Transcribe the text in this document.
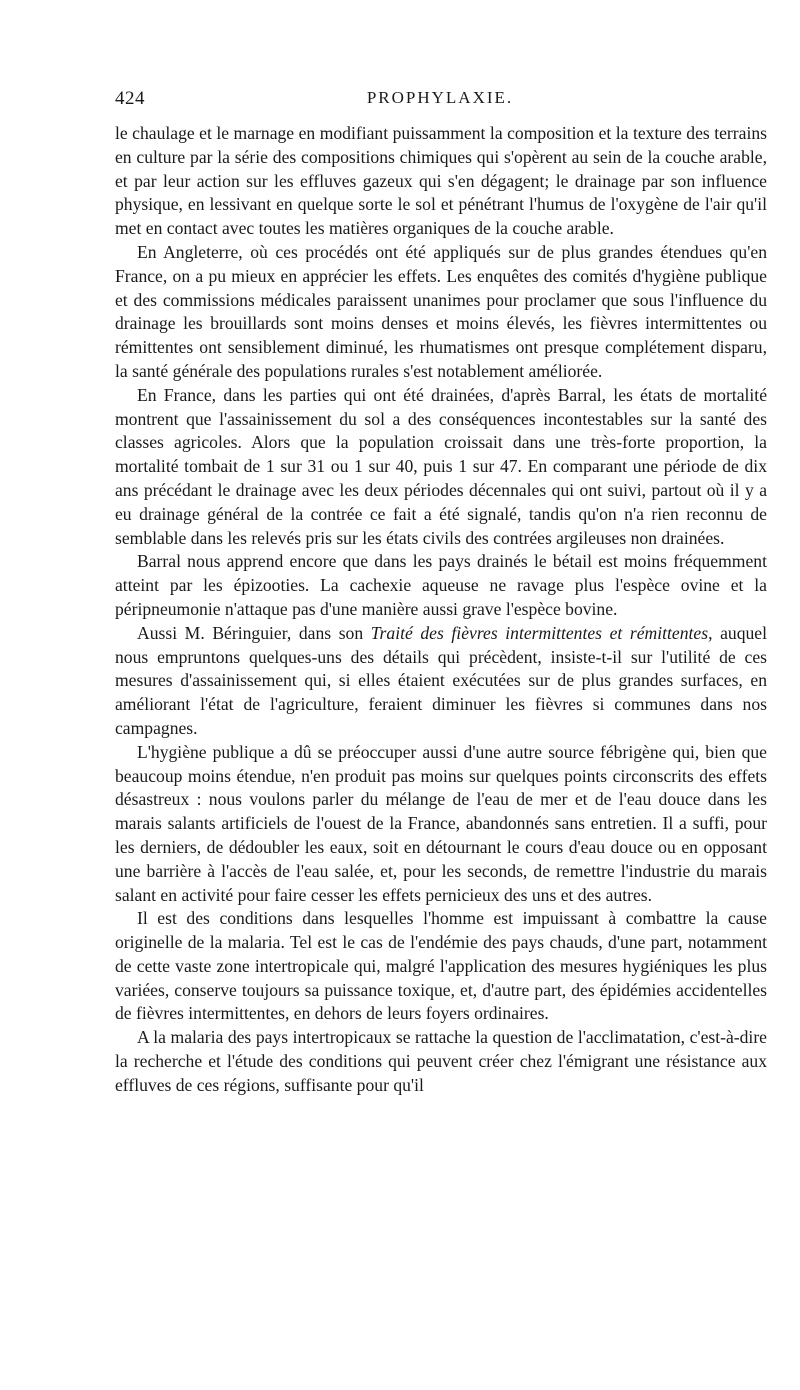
424	PROPHYLAXIE.

le chaulage et le marnage en modifiant puissamment la composition et la texture des terrains en culture par la série des compositions chimiques qui s'opèrent au sein de la couche arable, et par leur action sur les effluves gazeux qui s'en dégagent; le drainage par son influence physique, en lessivant en quelque sorte le sol et pénétrant l'humus de l'oxygène de l'air qu'il met en contact avec toutes les matières organiques de la couche arable.

En Angleterre, où ces procédés ont été appliqués sur de plus grandes étendues qu'en France, on a pu mieux en apprécier les effets. Les enquêtes des comités d'hygiène publique et des commissions médicales paraissent unanimes pour proclamer que sous l'influence du drainage les brouillards sont moins denses et moins élevés, les fièvres intermittentes ou rémittentes ont sensiblement diminué, les rhumatismes ont presque complétement disparu, la santé générale des populations rurales s'est notablement améliorée.

En France, dans les parties qui ont été drainées, d'après Barral, les états de mortalité montrent que l'assainissement du sol a des conséquences incontestables sur la santé des classes agricoles. Alors que la population croissait dans une très-forte proportion, la mortalité tombait de 1 sur 31 ou 1 sur 40, puis 1 sur 47. En comparant une période de dix ans précédant le drainage avec les deux périodes décennales qui ont suivi, partout où il y a eu drainage général de la contrée ce fait a été signalé, tandis qu'on n'a rien reconnu de semblable dans les relevés pris sur les états civils des contrées argileuses non drainées.

Barral nous apprend encore que dans les pays drainés le bétail est moins fréquemment atteint par les épizooties. La cachexie aqueuse ne ravage plus l'espèce ovine et la péripneumonie n'attaque pas d'une manière aussi grave l'espèce bovine.

Aussi M. Béringuier, dans son Traité des fièvres intermittentes et rémittentes, auquel nous empruntons quelques-uns des détails qui précèdent, insiste-t-il sur l'utilité de ces mesures d'assainissement qui, si elles étaient exécutées sur de plus grandes surfaces, en améliorant l'état de l'agriculture, feraient diminuer les fièvres si communes dans nos campagnes.

L'hygiène publique a dû se préoccuper aussi d'une autre source fébrigène qui, bien que beaucoup moins étendue, n'en produit pas moins sur quelques points circonscrits des effets désastreux : nous voulons parler du mélange de l'eau de mer et de l'eau douce dans les marais salants artificiels de l'ouest de la France, abandonnés sans entretien. Il a suffi, pour les derniers, de dédoubler les eaux, soit en détournant le cours d'eau douce ou en opposant une barrière à l'accès de l'eau salée, et, pour les seconds, de remettre l'industrie du marais salant en activité pour faire cesser les effets pernicieux des uns et des autres.

Il est des conditions dans lesquelles l'homme est impuissant à combattre la cause originelle de la malaria. Tel est le cas de l'endémie des pays chauds, d'une part, notamment de cette vaste zone intertropicale qui, malgré l'application des mesures hygiéniques les plus variées, conserve toujours sa puissance toxique, et, d'autre part, des épidémies accidentelles de fièvres intermittentes, en dehors de leurs foyers ordinaires.

A la malaria des pays intertropicaux se rattache la question de l'acclimatation, c'est-à-dire la recherche et l'étude des conditions qui peuvent créer chez l'émigrant une résistance aux effluves de ces régions, suffisante pour qu'il
